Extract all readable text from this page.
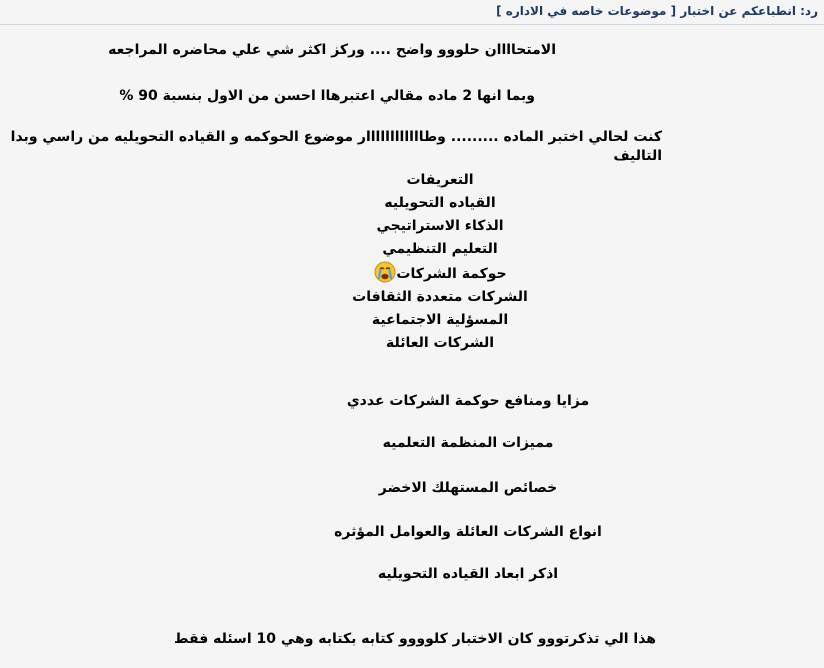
رد: انطباعكم عن اختبار [ موضوعات خاصه في الاداره ]

الامتحاااان حلووو واضح .... وركز اكثر شي علي محاضره المراجعه

وبما انها 2 ماده مقالي اعتبرهاا احسن من الاول بنسبة 90 %

كنت لحالي اختبر الماده ......... وطاااااااااااار موضوع الحوكمه و القياده التحويليه من راسي وبدا التاليف

التعريفات
القياده التحويليه
الذكاء الاستراتيجي
التعليم التنظيمي
حوكمة الشركات
الشركات متعددة الثقافات
المسؤلية الاجتماعية
الشركات العائلة

مزايا ومنافع حوكمة الشركات عددي

مميزات المنظمة التعلميه

خصائص المستهلك الاخضر

انواع الشركات العائلة والعوامل المؤثره

اذكر ابعاد القياده التحويليه

هذا الي تذكرتووو كان الاختبار كلوووو كتابه بكتابه وهي 10 اسئله فقط
